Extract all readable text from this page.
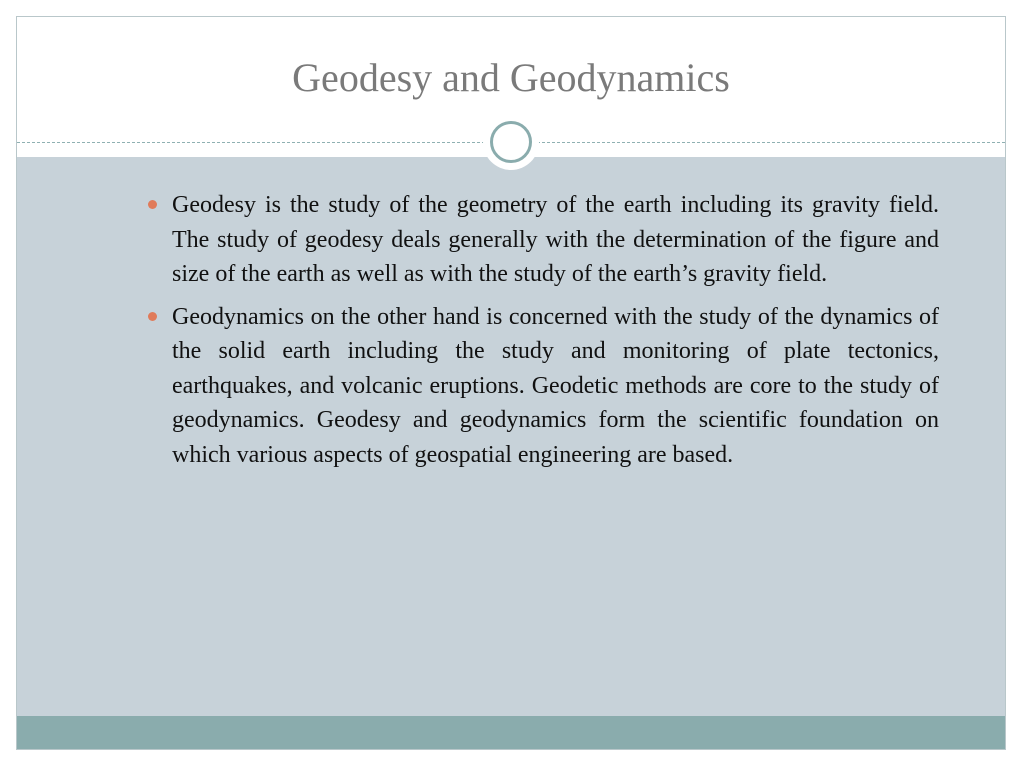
Geodesy and Geodynamics
Geodesy is the study of the geometry of the earth including its gravity field. The study of geodesy deals generally with the determination of the figure and size of the earth as well as with the study of the earth’s gravity field.
Geodynamics on the other hand is concerned with the study of the dynamics of the solid earth including the study and monitoring of plate tectonics, earthquakes, and volcanic eruptions. Geodetic methods are core to the study of geodynamics. Geodesy and geodynamics form the scientific foundation on which various aspects of geospatial engineering are based.
